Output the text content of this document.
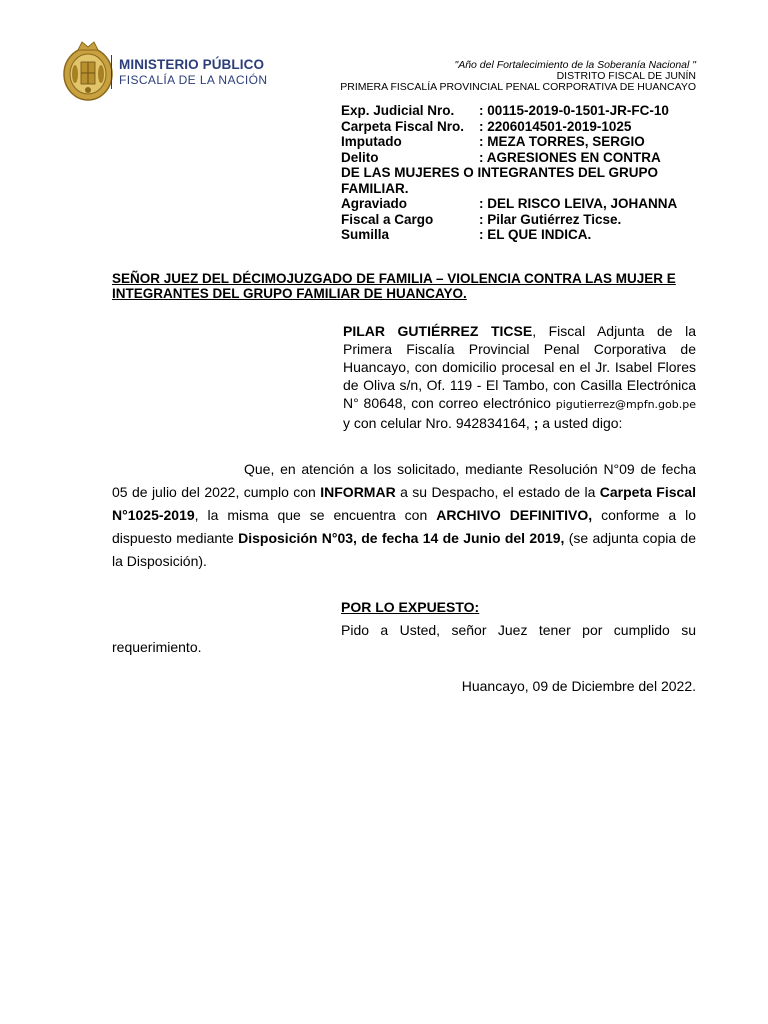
MINISTERIO PÚBLICO
FISCALÍA DE LA NACIÓN
"Año del Fortalecimiento de la Soberanía Nacional "
DISTRITO FISCAL DE JUNÍN
PRIMERA FISCALÍA PROVINCIAL PENAL CORPORATIVA DE HUANCAYO
Exp. Judicial Nro.	: 00115-2019-0-1501-JR-FC-10
Carpeta Fiscal Nro.	: 2206014501-2019-1025
Imputado	: MEZA TORRES, SERGIO
Delito	: AGRESIONES EN CONTRA
DE LAS MUJERES O INTEGRANTES DEL GRUPO FAMILIAR.
Agraviado	: DEL RISCO LEIVA, JOHANNA
Fiscal a Cargo	: Pilar Gutiérrez Ticse.
Sumilla	: EL QUE INDICA.
SEÑOR JUEZ DEL DÉCIMOJUZGADO DE FAMILIA – VIOLENCIA CONTRA LAS MUJER E INTEGRANTES DEL GRUPO FAMILIAR DE HUANCAYO.
PILAR GUTIÉRREZ TICSE, Fiscal Adjunta de la Primera Fiscalía Provincial Penal Corporativa de Huancayo, con domicilio procesal en el Jr. Isabel Flores de Oliva s/n, Of. 119 - El Tambo, con Casilla Electrónica N° 80648, con correo electrónico pigutierrez@mpfn.gob.pe y con celular Nro. 942834164, ; a usted digo:
Que, en atención a los solicitado, mediante Resolución N°09 de fecha 05 de julio del 2022, cumplo con INFORMAR a su Despacho, el estado de la Carpeta Fiscal N°1025-2019, la misma que se encuentra con ARCHIVO DEFINITIVO, conforme a lo dispuesto mediante Disposición N°03, de fecha 14 de Junio del 2019, (se adjunta copia de la Disposición).
POR LO EXPUESTO:
Pido a Usted, señor Juez tener por cumplido su requerimiento.
Huancayo, 09 de Diciembre del 2022.
